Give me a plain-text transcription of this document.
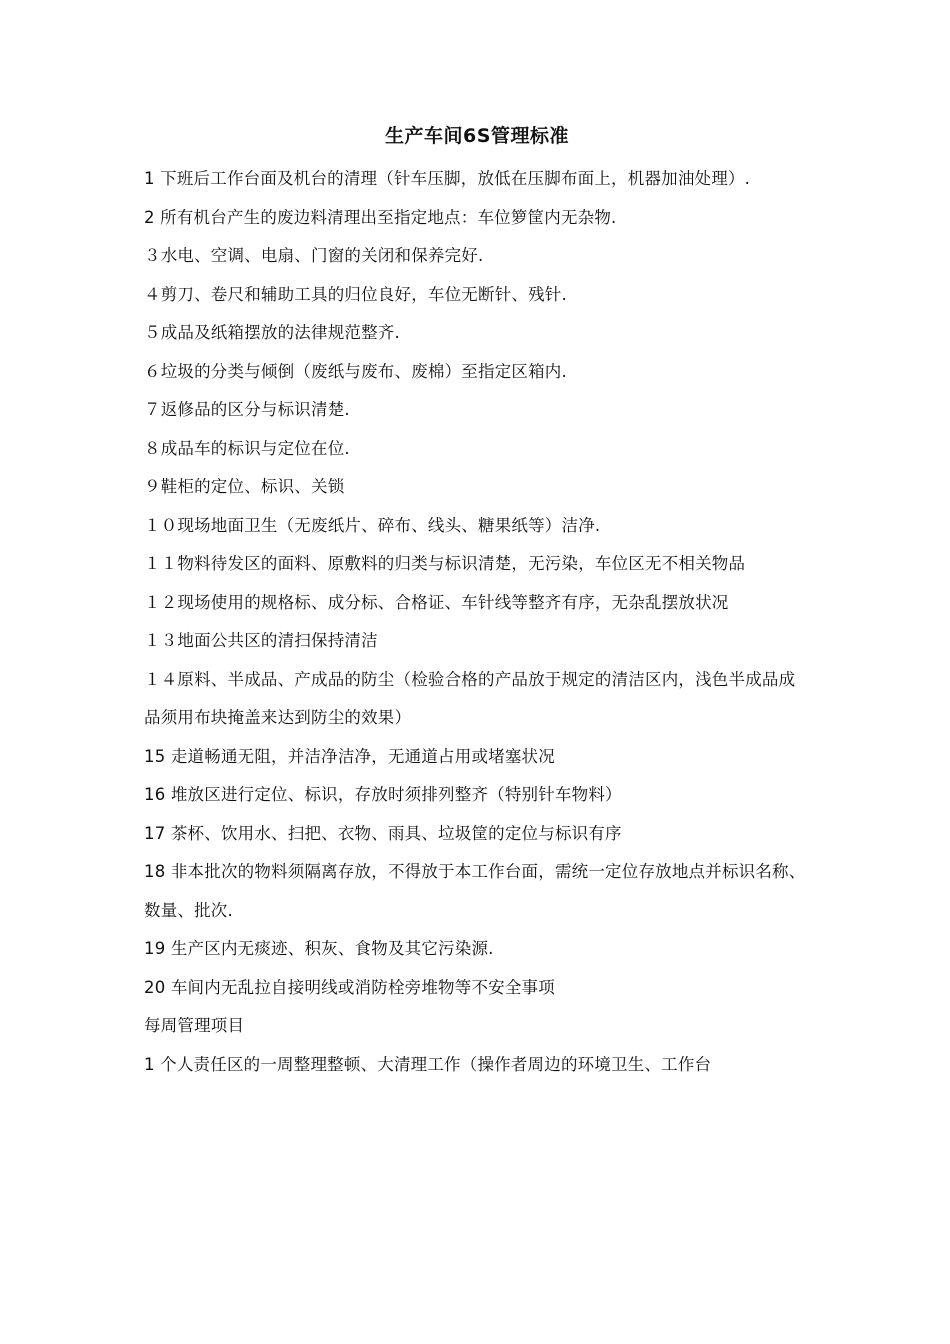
生产车间6S管理标准

1 下班后工作台面及机台的清理（针车压脚，放低在压脚布面上，机器加油处理）.

2 所有机台产生的废边料清理出至指定地点：车位箩筐内无杂物.

３水电、空调、电扇、门窗的关闭和保养完好.

４剪刀、卷尺和辅助工具的归位良好，车位无断针、残针.

５成品及纸箱摆放的法律规范整齐.

６垃圾的分类与倾倒（废纸与废布、废棉）至指定区箱内.

７返修品的区分与标识清楚.

８成品车的标识与定位在位.

９鞋柜的定位、标识、关锁

１０现场地面卫生（无废纸片、碎布、线头、糖果纸等）洁净.

１１物料待发区的面料、原敷料的归类与标识清楚，无污染，车位区无不相关物品

１２现场使用的规格标、成分标、合格证、车针线等整齐有序，无杂乱摆放状况

１３地面公共区的清扫保持清洁

１４原料、半成品、产成品的防尘（检验合格的产品放于规定的清洁区内，浅色半成品成品须用布块掩盖来达到防尘的效果）

15 走道畅通无阻，并洁净洁净，无通道占用或堵塞状况

16 堆放区进行定位、标识，存放时须排列整齐（特别针车物料）

17 茶杯、饮用水、扫把、衣物、雨具、垃圾筐的定位与标识有序

18 非本批次的物料须隔离存放，不得放于本工作台面，需统一定位存放地点并标识名称、数量、批次.

19 生产区内无痰迹、积灰、食物及其它污染源.

20 车间内无乱拉自接明线或消防栓旁堆物等不安全事项

每周管理项目

1 个人责任区的一周整理整顿、大清理工作（操作者周边的环境卫生、工作台
